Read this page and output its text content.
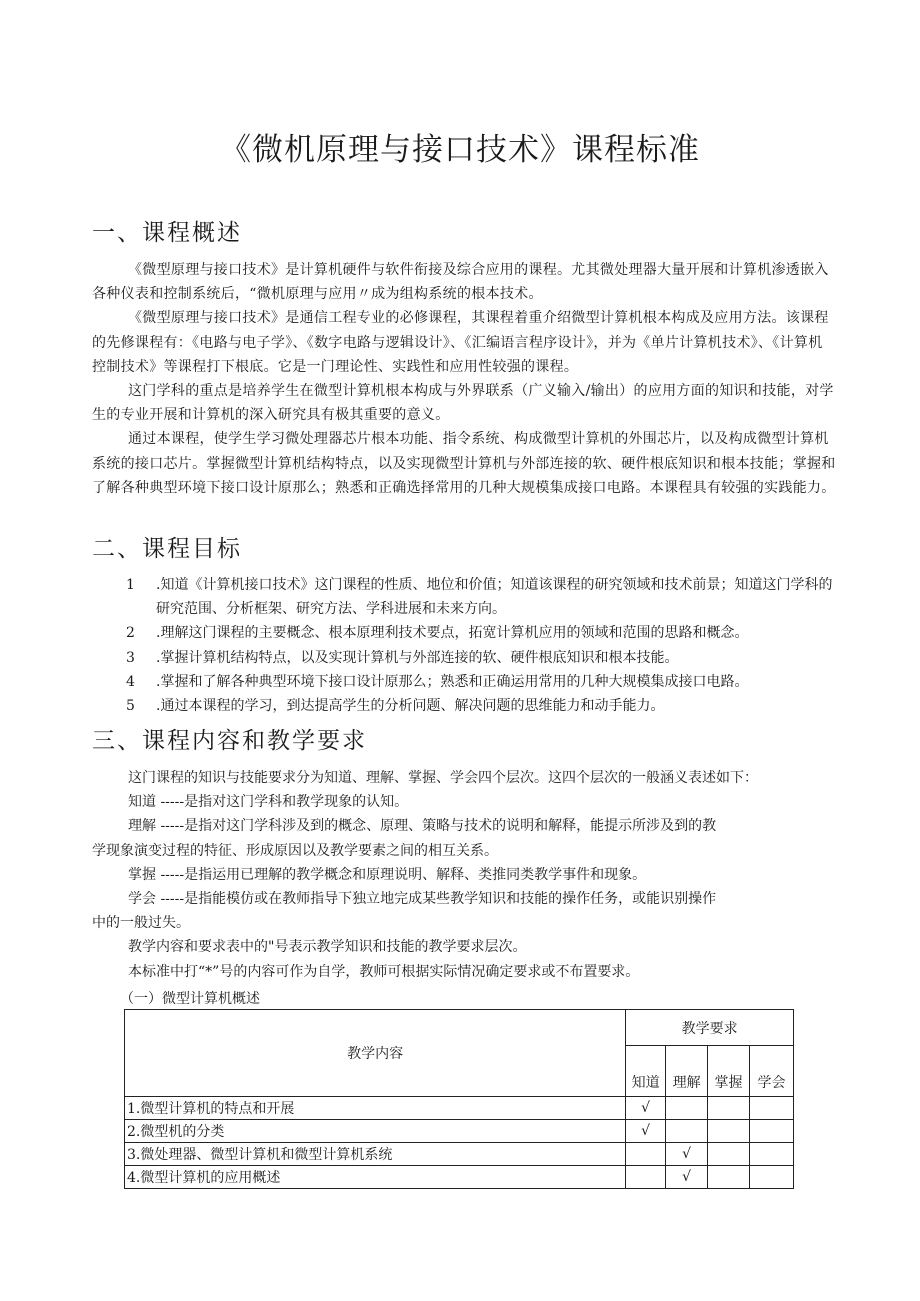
《微机原理与接口技术》课程标准
一、课程概述

《微型原理与接口技术》是计算机硬件与软件衔接及综合应用的课程。尤其微处理器大量开展和计算机渗透嵌入各种仪表和控制系统后，“微机原理与应用〃成为组构系统的根本技术。

《微型原理与接口技术》是通信工程专业的必修课程，其课程着重介绍微型计算机根本构成及应用方法。该课程的先修课程有：《电路与电子学》、《数字电路与逻辑设计》、《汇编语言程序设计》，并为《单片计算机技术》、《计算机控制技术》等课程打下根底。它是一门理论性、实践性和应用性较强的课程。

这门学科的重点是培养学生在微型计算机根本构成与外界联系（广义输入/输出）的应用方面的知识和技能，对学生的专业开展和计算机的深入研究具有极其重要的意义。

通过本课程，使学生学习微处理器芯片根本功能、指令系统、构成微型计算机的外围芯片，以及构成微型计算机系统的接口芯片。掌握微型计算机结构特点，以及实现微型计算机与外部连接的软、硬件根底知识和根本技能；掌握和了解各种典型环境下接口设计原那么；熟悉和正确选择常用的几种大规模集成接口电路。本课程具有较强的实践能力。

二、课程目标
1	.知道《计算机接口技术》这门课程的性质、地位和价值；知道该课程的研究领域和技术前景；知道这门学科的研究范围、分析框架、研究方法、学科进展和未来方向。
2	.理解这门课程的主要概念、根本原理利技术要点，拓宽计算机应用的领域和范围的思路和概念。
3	.掌握计算机结构特点，以及实现计算机与外部连接的软、硬件根底知识和根本技能。
4	.掌握和了解各种典型环境下接口设计原那么；熟悉和正确运用常用的几种大规模集成接口电路。
5	.通过本课程的学习，到达提高学生的分析问题、解决问题的思维能力和动手能力。
三、课程内容和教学要求

这门课程的知识与技能要求分为知道、理解、掌握、学会四个层次。这四个层次的一般涵义表述如下：

知道 -----是指对这门学科和教学现象的认知。

理解 -----是指对这门学科涉及到的概念、原理、策略与技术的说明和解释，能提示所涉及到的教

学现象演变过程的特征、形成原因以及教学要素之间的相互关系。

掌握 -----是指运用已理解的教学概念和原理说明、解释、类推同类教学事件和现象。

学会 -----是指能模仿或在教师指导下独立地完成某些教学知识和技能的操作任务，或能识别操作

中的一般过失。

教学内容和要求表中的"号表示教学知识和技能的教学要求层次。

本标准中打“*”号的内容可作为自学，教师可根据实际情况确定要求或不布置要求。

（一）微型计算机概述
教学内容	教学要求			
	知道	理解	掌握	学会
1.微型计算机的特点和开展	√			
2.微型机的分类	√			
3.微处理器、微型计算机和微型计算机系统		√		
4.微型计算机的应用概述		√		
